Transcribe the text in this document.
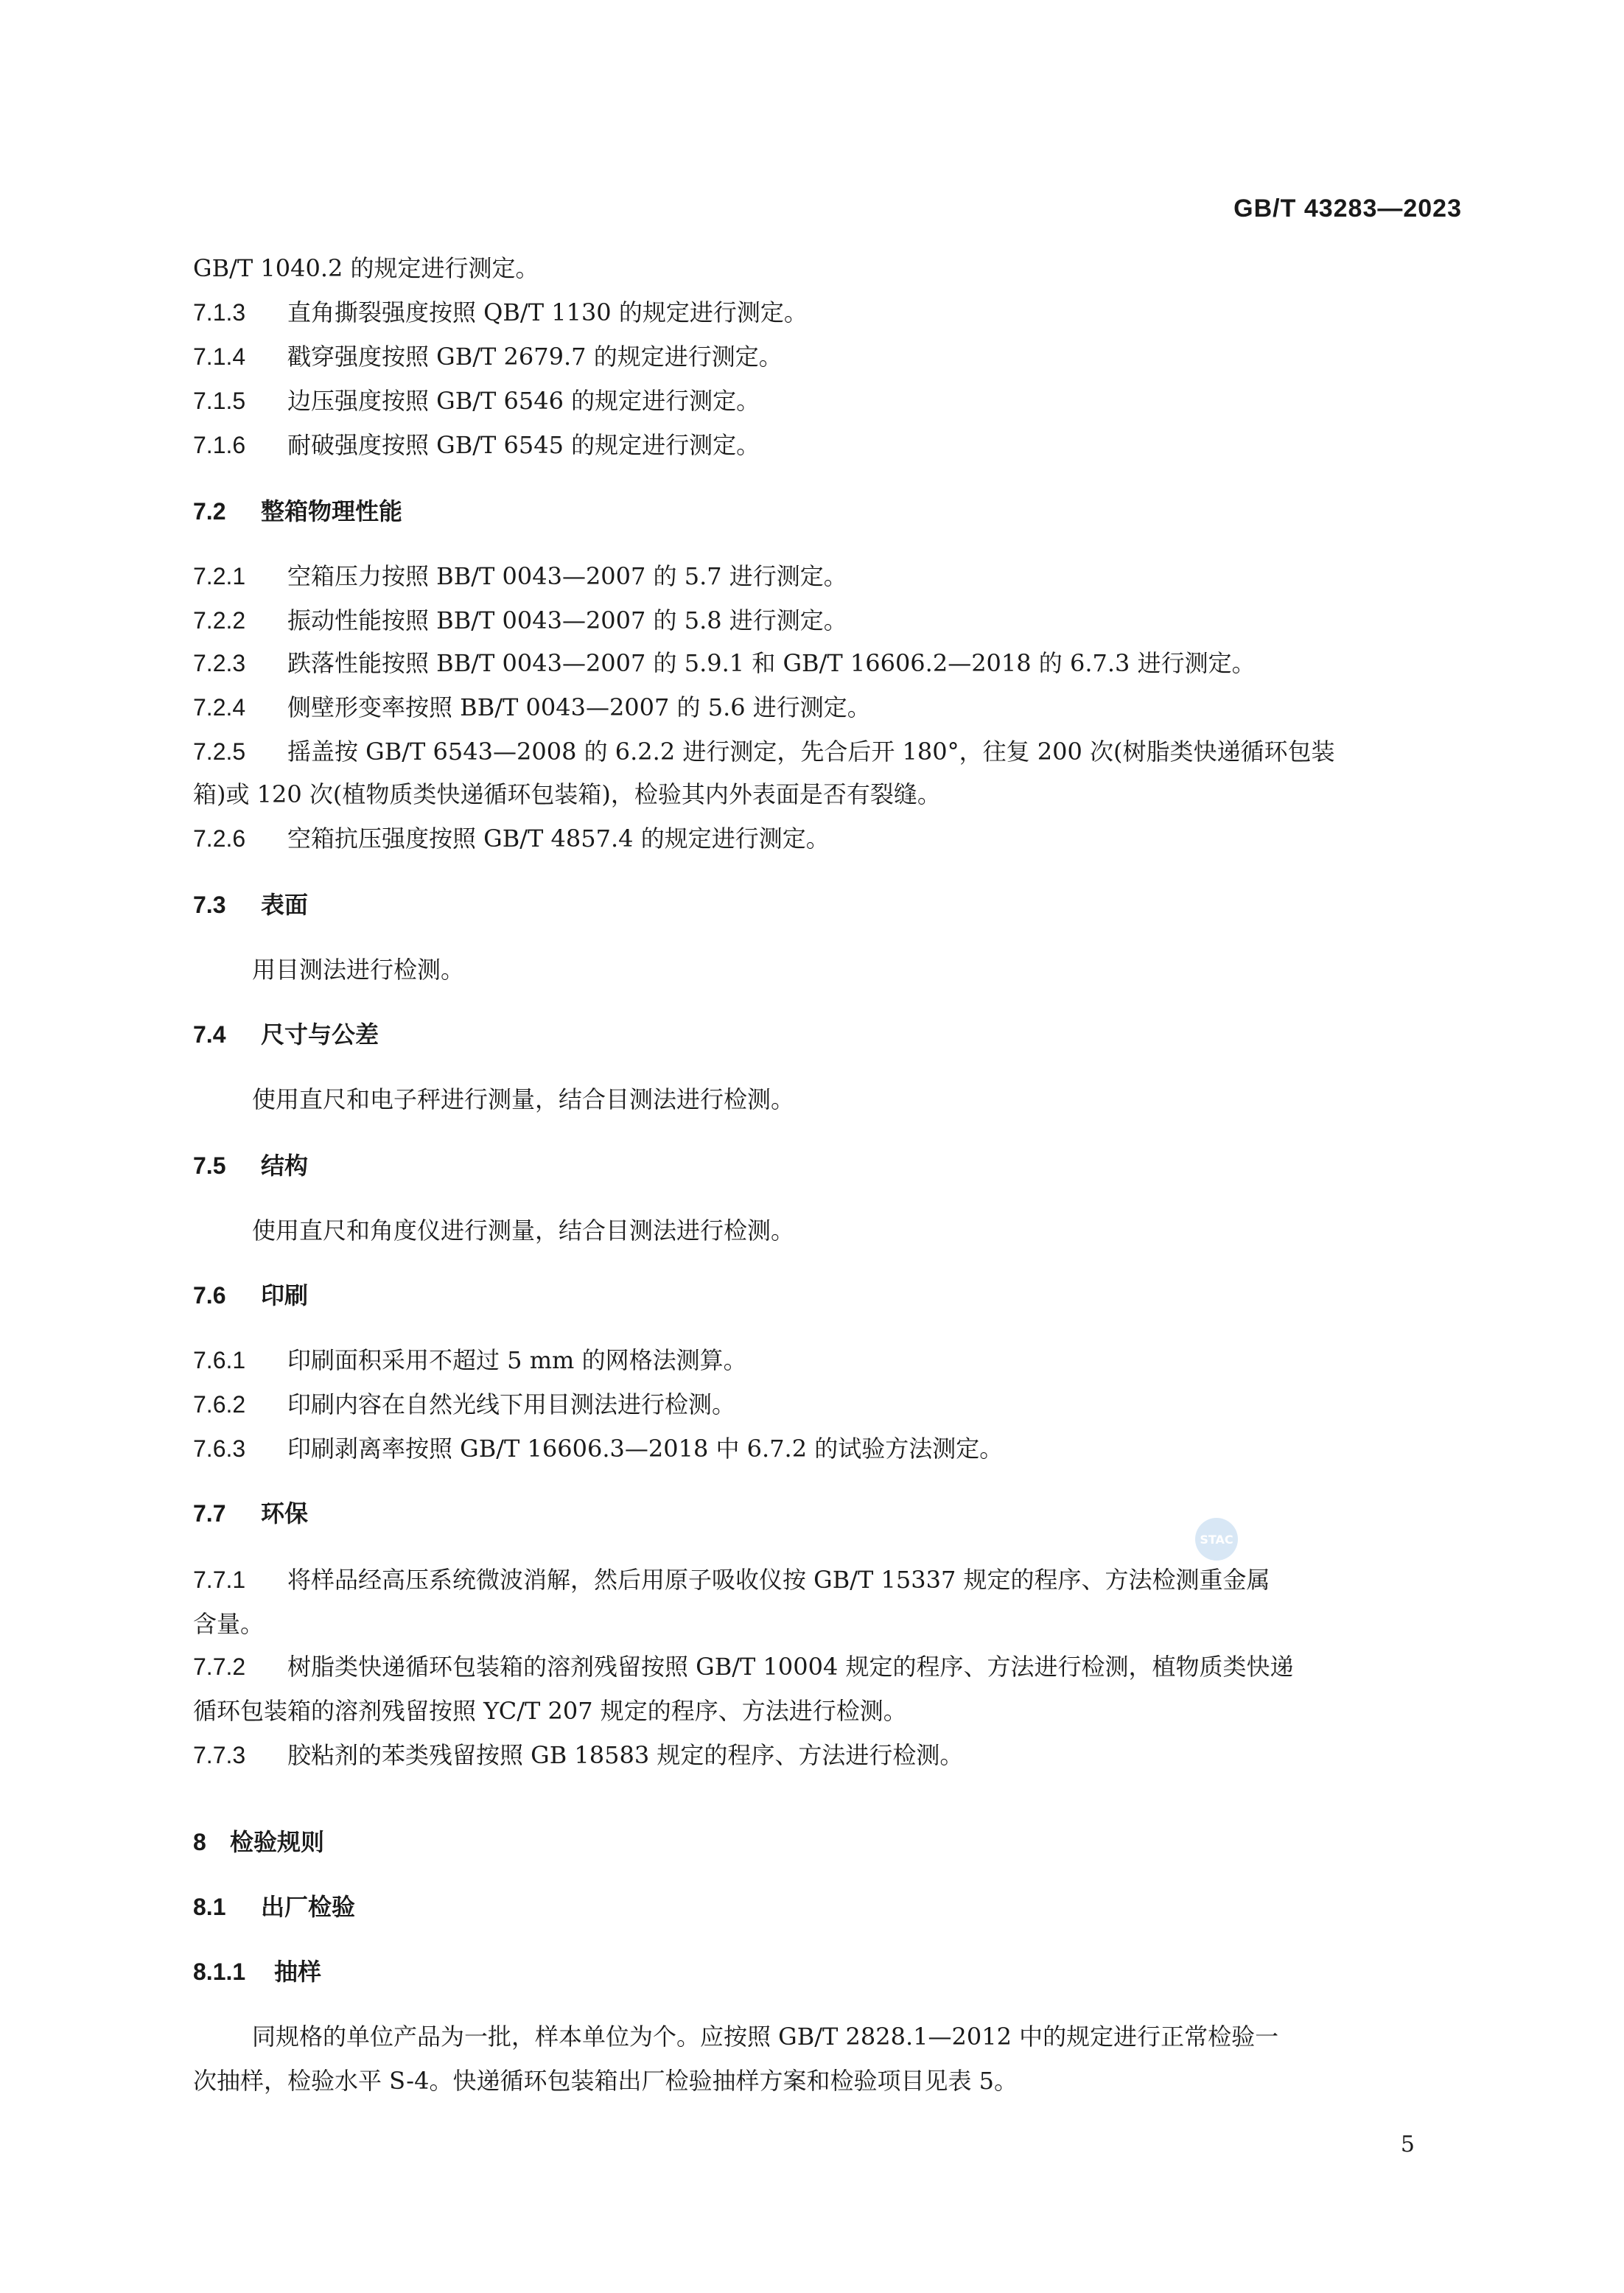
GB/T 43283—2023
GB/T 1040.2 的规定进行测定。
7.1.3 直角撕裂强度按照 QB/T 1130 的规定进行测定。
7.1.4 戳穿强度按照 GB/T 2679.7 的规定进行测定。
7.1.5 边压强度按照 GB/T 6546 的规定进行测定。
7.1.6 耐破强度按照 GB/T 6545 的规定进行测定。
7.2 整箱物理性能
7.2.1 空箱压力按照 BB/T 0043—2007 的 5.7 进行测定。
7.2.2 振动性能按照 BB/T 0043—2007 的 5.8 进行测定。
7.2.3 跌落性能按照 BB/T 0043—2007 的 5.9.1 和 GB/T 16606.2—2018 的 6.7.3 进行测定。
7.2.4 侧壁形变率按照 BB/T 0043—2007 的 5.6 进行测定。
7.2.5 摇盖按 GB/T 6543—2008 的 6.2.2 进行测定，先合后开 180°，往复 200 次(树脂类快递循环包装
箱)或 120 次(植物质类快递循环包装箱)，检验其内外表面是否有裂缝。
7.2.6 空箱抗压强度按照 GB/T 4857.4 的规定进行测定。
7.3 表面
用目测法进行检测。
7.4 尺寸与公差
使用直尺和电子秤进行测量，结合目测法进行检测。
7.5 结构
使用直尺和角度仪进行测量，结合目测法进行检测。
7.6 印刷
7.6.1 印刷面积采用不超过 5 mm 的网格法测算。
7.6.2 印刷内容在自然光线下用目测法进行检测。
7.6.3 印刷剥离率按照 GB/T 16606.3—2018 中 6.7.2 的试验方法测定。
7.7 环保
7.7.1 将样品经高压系统微波消解，然后用原子吸收仪按 GB/T 15337 规定的程序、方法检测重金属
含量。
7.7.2 树脂类快递循环包装箱的溶剂残留按照 GB/T 10004 规定的程序、方法进行检测，植物质类快递
循环包装箱的溶剂残留按照 YC/T 207 规定的程序、方法进行检测。
7.7.3 胶粘剂的苯类残留按照 GB 18583 规定的程序、方法进行检测。
8 检验规则
8.1 出厂检验
8.1.1 抽样
同规格的单位产品为一批，样本单位为个。应按照 GB/T 2828.1—2012 中的规定进行正常检验一
次抽样，检验水平 S-4。快递循环包装箱出厂检验抽样方案和检验项目见表 5。
STAC
5
